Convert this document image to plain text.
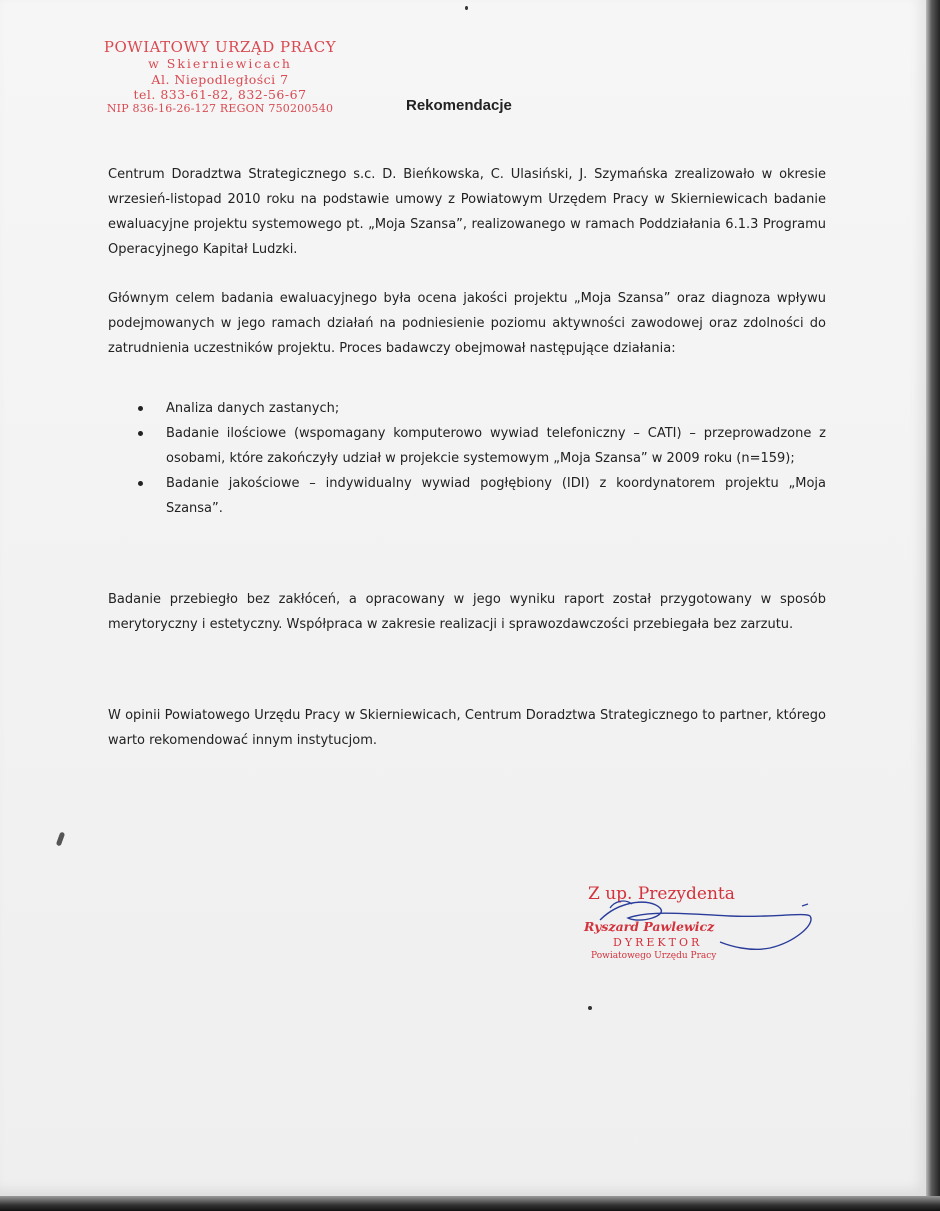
POWIATOWY URZĄD PRACY
w Skierniewicach
Al. Niepodległości 7
tel. 833-61-82, 832-56-67
NIP 836-16-26-127 REGON 750200540	Rekomendacje

Centrum Doradztwa Strategicznego s.c. D. Bieńkowska, C. Ulasiński, J. Szymańska zrealizowało w okresie wrzesień-listopad 2010 roku na podstawie umowy z Powiatowym Urzędem Pracy w Skierniewicach badanie ewaluacyjne projektu systemowego pt. „Moja Szansa”, realizowanego w ramach Poddziałania 6.1.3 Programu Operacyjnego Kapitał Ludzki.

Głównym celem badania ewaluacyjnego była ocena jakości projektu „Moja Szansa” oraz diagnoza wpływu podejmowanych w jego ramach działań na podniesienie poziomu aktywności zawodowej oraz zdolności do zatrudnienia uczestników projektu. Proces badawczy obejmował następujące działania:

Analiza danych zastanych;
Badanie ilościowe (wspomagany komputerowo wywiad telefoniczny – CATI) – przeprowadzone z osobami, które zakończyły udział w projekcie systemowym „Moja Szansa” w 2009 roku (n=159);
Badanie jakościowe – indywidualny wywiad pogłębiony (IDI) z koordynatorem projektu „Moja Szansa”.

Badanie przebiegło bez zakłóceń, a opracowany w jego wyniku raport został przygotowany w sposób merytoryczny i estetyczny. Współpraca w zakresie realizacji i sprawozdawczości przebiegała bez zarzutu.

W opinii Powiatowego Urzędu Pracy w Skierniewicach, Centrum Doradztwa Strategicznego to partner, którego warto rekomendować innym instytucjom.

Z up. Prezydenta
Ryszard Pawlewicz
DYREKTOR
Powiatowego Urzędu Pracy
